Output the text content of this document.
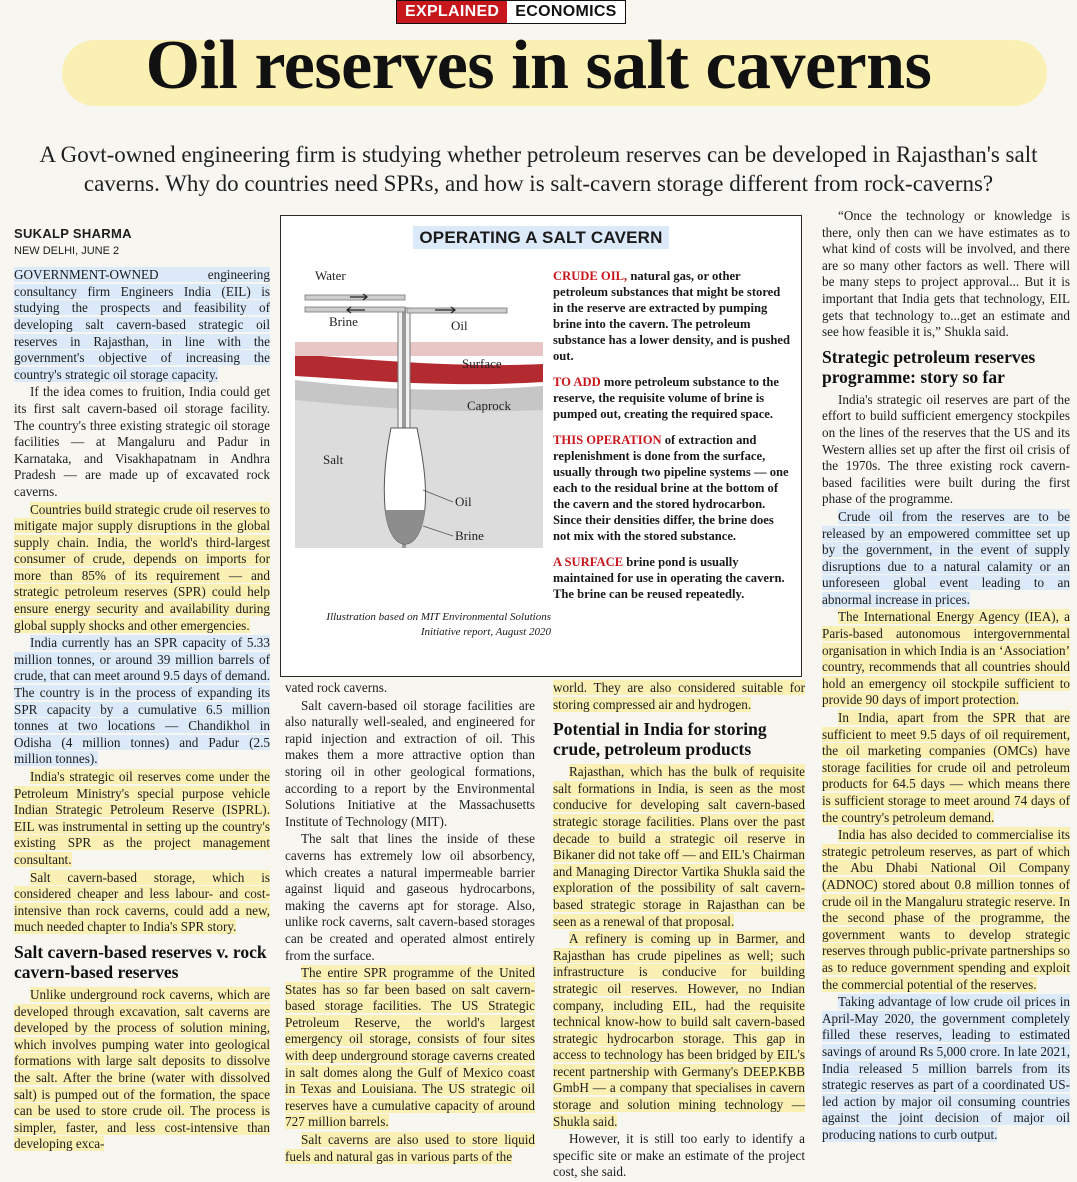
EXPLAINED	ECONOMICS
Oil reserves in salt caverns

A Govt-owned engineering firm is studying whether petroleum reserves can be developed in Rajasthan's salt caverns. Why do countries need SPRs, and how is salt-cavern storage different from rock-caverns?

SUKALP SHARMA
NEW DELHI, JUNE 2

GOVERNMENT-OWNED engineering consultancy firm Engineers India (EIL) is studying the prospects and feasibility of developing salt cavern-based strategic oil reserves in Rajasthan, in line with the government's objective of increasing the country's strategic oil storage capacity.

If the idea comes to fruition, India could get its first salt cavern-based oil storage facility. The country's three existing strategic oil storage facilities — at Mangaluru and Padur in Karnataka, and Visakhapatnam in Andhra Pradesh — are made up of excavated rock caverns.

Countries build strategic crude oil reserves to mitigate major supply disruptions in the global supply chain. India, the world's third-largest consumer of crude, depends on imports for more than 85% of its requirement — and strategic petroleum reserves (SPR) could help ensure energy security and availability during global supply shocks and other emergencies.

India currently has an SPR capacity of 5.33 million tonnes, or around 39 million barrels of crude, that can meet around 9.5 days of demand. The country is in the process of expanding its SPR capacity by a cumulative 6.5 million tonnes at two locations — Chandikhol in Odisha (4 million tonnes) and Padur (2.5 million tonnes).

India's strategic oil reserves come under the Petroleum Ministry's special purpose vehicle Indian Strategic Petroleum Reserve (ISPRL). EIL was instrumental in setting up the country's existing SPR as the project management consultant.

Salt cavern-based storage, which is considered cheaper and less labour- and cost-intensive than rock caverns, could add a new, much needed chapter to India's SPR story.

Salt cavern-based reserves v. rock cavern-based reserves

Unlike underground rock caverns, which are developed through excavation, salt caverns are developed by the process of solution mining, which involves pumping water into geological formations with large salt deposits to dissolve the salt. After the brine (water with dissolved salt) is pumped out of the formation, the space can be used to store crude oil. The process is simpler, faster, and less cost-intensive than developing exca-

OPERATING A SALT CAVERN
Water
Brine	Oil
Surface
Caprock
Salt
Oil
Brine
Illustration based on MIT Environmental Solutions Initiative report, August 2020

CRUDE OIL, natural gas, or other petroleum substances that might be stored in the reserve are extracted by pumping brine into the cavern. The petroleum substance has a lower density, and is pushed out.

TO ADD more petroleum substance to the reserve, the requisite volume of brine is pumped out, creating the required space.

THIS OPERATION of extraction and replenishment is done from the surface, usually through two pipeline systems — one each to the residual brine at the bottom of the cavern and the stored hydrocarbon. Since their densities differ, the brine does not mix with the stored substance.

A SURFACE brine pond is usually maintained for use in operating the cavern. The brine can be reused repeatedly.

vated rock caverns.

Salt cavern-based oil storage facilities are also naturally well-sealed, and engineered for rapid injection and extraction of oil. This makes them a more attractive option than storing oil in other geological formations, according to a report by the Environmental Solutions Initiative at the Massachusetts Institute of Technology (MIT).

The salt that lines the inside of these caverns has extremely low oil absorbency, which creates a natural impermeable barrier against liquid and gaseous hydrocarbons, making the caverns apt for storage. Also, unlike rock caverns, salt cavern-based storages can be created and operated almost entirely from the surface.

The entire SPR programme of the United States has so far been based on salt cavern-based storage facilities. The US Strategic Petroleum Reserve, the world's largest emergency oil storage, consists of four sites with deep underground storage caverns created in salt domes along the Gulf of Mexico coast in Texas and Louisiana. The US strategic oil reserves have a cumulative capacity of around 727 million barrels.

Salt caverns are also used to store liquid fuels and natural gas in various parts of the

world. They are also considered suitable for storing compressed air and hydrogen.

Potential in India for storing crude, petroleum products

Rajasthan, which has the bulk of requisite salt formations in India, is seen as the most conducive for developing salt cavern-based strategic storage facilities. Plans over the past decade to build a strategic oil reserve in Bikaner did not take off — and EIL's Chairman and Managing Director Vartika Shukla said the exploration of the possibility of salt cavern-based strategic storage in Rajasthan can be seen as a renewal of that proposal.

A refinery is coming up in Barmer, and Rajasthan has crude pipelines as well; such infrastructure is conducive for building strategic oil reserves. However, no Indian company, including EIL, had the requisite technical know-how to build salt cavern-based strategic hydrocarbon storage. This gap in access to technology has been bridged by EIL's recent partnership with Germany's DEEP.KBB GmbH — a company that specialises in cavern storage and solution mining technology — Shukla said.

However, it is still too early to identify a specific site or make an estimate of the project cost, she said.

“Once the technology or knowledge is there, only then can we have estimates as to what kind of costs will be involved, and there are so many other factors as well. There will be many steps to project approval... But it is important that India gets that technology, EIL gets that technology to...get an estimate and see how feasible it is,” Shukla said.

Strategic petroleum reserves programme: story so far

India's strategic oil reserves are part of the effort to build sufficient emergency stockpiles on the lines of the reserves that the US and its Western allies set up after the first oil crisis of the 1970s. The three existing rock cavern-based facilities were built during the first phase of the programme.

Crude oil from the reserves are to be released by an empowered committee set up by the government, in the event of supply disruptions due to a natural calamity or an unforeseen global event leading to an abnormal increase in prices.

The International Energy Agency (IEA), a Paris-based autonomous intergovernmental organisation in which India is an ‘Association’ country, recommends that all countries should hold an emergency oil stockpile sufficient to provide 90 days of import protection.

In India, apart from the SPR that are sufficient to meet 9.5 days of oil requirement, the oil marketing companies (OMCs) have storage facilities for crude oil and petroleum products for 64.5 days — which means there is sufficient storage to meet around 74 days of the country's petroleum demand.

India has also decided to commercialise its strategic petroleum reserves, as part of which the Abu Dhabi National Oil Company (ADNOC) stored about 0.8 million tonnes of crude oil in the Mangaluru strategic reserve. In the second phase of the programme, the government wants to develop strategic reserves through public-private partnerships so as to reduce government spending and exploit the commercial potential of the reserves.

Taking advantage of low crude oil prices in April-May 2020, the government completely filled these reserves, leading to estimated savings of around Rs 5,000 crore. In late 2021, India released 5 million barrels from its strategic reserves as part of a coordinated US-led action by major oil consuming countries against the joint decision of major oil producing nations to curb output.
